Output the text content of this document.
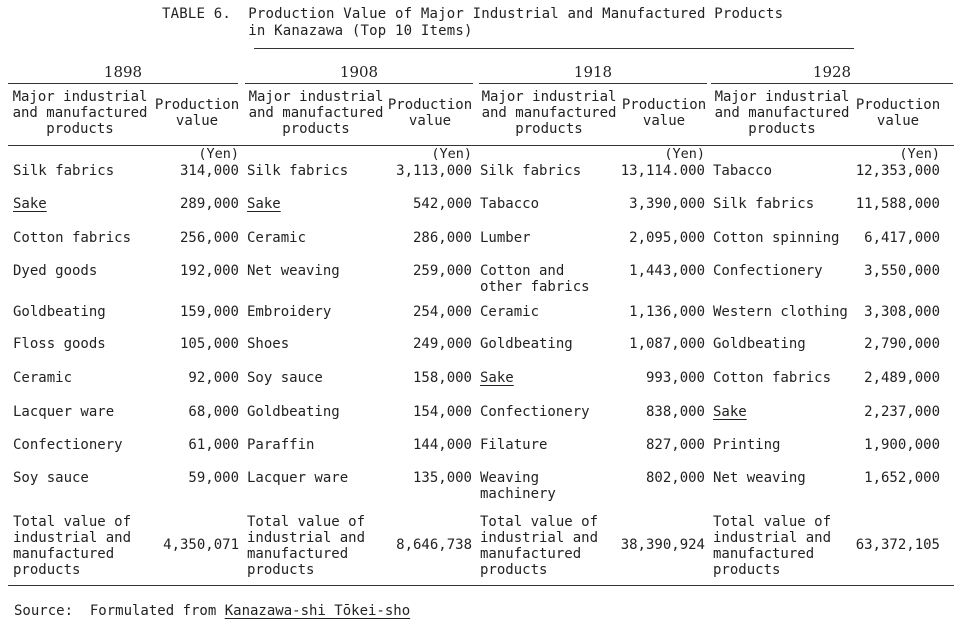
TABLE 6.  Production Value of Major Industrial and Manufactured Products
in Kanazawa (Top 10 Items)
1898
Major industrial
and manufactured
products
Production
value
(Yen)
Silk fabrics	314,000
Sake	289,000
Cotton fabrics	256,000
Dyed goods	192,000
Goldbeating	159,000
Floss goods	105,000
Ceramic	92,000
Lacquer ware	68,000
Confectionery	61,000
Soy sauce	59,000
Total value of
industrial and
manufactured
products
4,350,071
1908
Major industrial
and manufactured
products
Production
value
(Yen)
Silk fabrics	3,113,000
Sake	542,000
Ceramic	286,000
Net weaving	259,000
Embroidery	254,000
Shoes	249,000
Soy sauce	158,000
Goldbeating	154,000
Paraffin	144,000
Lacquer ware	135,000
Total value of
industrial and
manufactured
products
8,646,738
1918
Major industrial
and manufactured
products
Production
value
(Yen)
Silk fabrics	13,114.000
Tabacco	3,390,000
Lumber	2,095,000
Cotton and
other fabrics
1,443,000
Ceramic	1,136,000
Goldbeating	1,087,000
Sake	993,000
Confectionery	838,000
Filature	827,000
Weaving
machinery
802,000
Total value of
industrial and
manufactured
products
38,390,924
1928
Major industrial
and manufactured
products
Production
value
(Yen)
Tabacco	12,353,000
Silk fabrics	11,588,000
Cotton spinning	6,417,000
Confectionery	3,550,000
Western clothing	3,308,000
Goldbeating	2,790,000
Cotton fabrics	2,489,000
Sake	2,237,000
Printing	1,900,000
Net weaving	1,652,000
Total value of
industrial and
manufactured
products
63,372,105
Source:  Formulated from Kanazawa-shi Tōkei-sho
